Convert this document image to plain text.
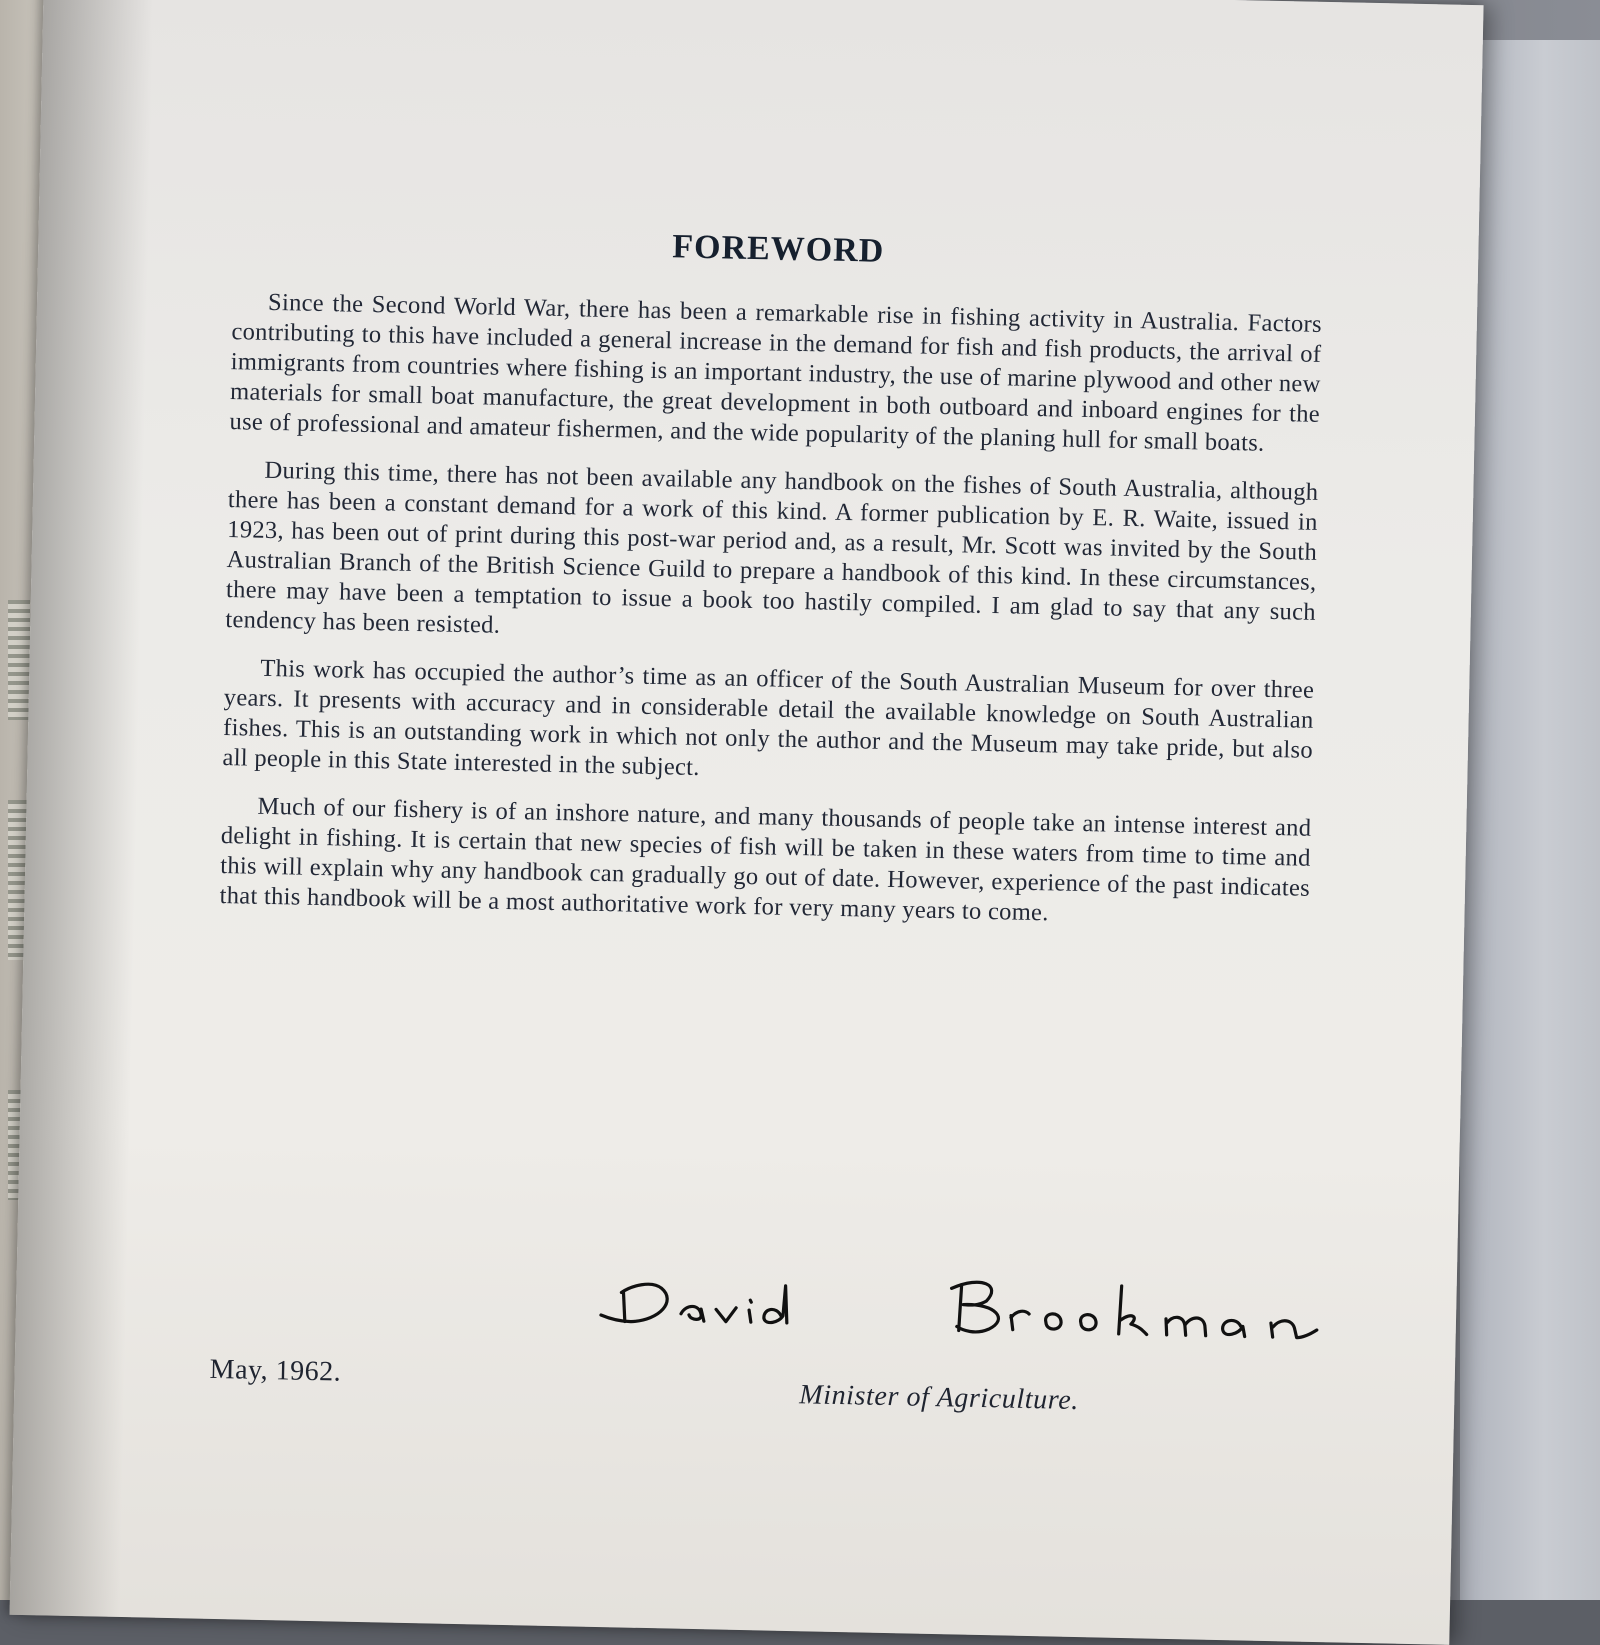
FOREWORD

Since the Second World War, there has been a remarkable rise in fishing activity in Australia. Factors contributing to this have included a general increase in the demand for fish and fish products, the arrival of immigrants from countries where fishing is an important industry, the use of marine plywood and other new materials for small boat manufacture, the great development in both outboard and inboard engines for the use of professional and amateur fishermen, and the wide popularity of the planing hull for small boats.

During this time, there has not been available any handbook on the fishes of South Australia, although there has been a constant demand for a work of this kind. A former publication by E. R. Waite, issued in 1923, has been out of print during this post-war period and, as a result, Mr. Scott was invited by the South Australian Branch of the British Science Guild to prepare a handbook of this kind. In these circumstances, there may have been a temptation to issue a book too hastily compiled. I am glad to say that any such tendency has been resisted.

This work has occupied the author’s time as an officer of the South Australian Museum for over three years. It presents with accuracy and in considerable detail the available knowledge on South Australian fishes. This is an outstanding work in which not only the author and the Museum may take pride, but also all people in this State interested in the subject.

Much of our fishery is of an inshore nature, and many thousands of people take an intense interest and delight in fishing. It is certain that new species of fish will be taken in these waters from time to time and this will explain why any handbook can gradually go out of date. However, experience of the past indicates that this handbook will be a most authoritative work for very many years to come.

May, 1962.
Minister of Agriculture.
